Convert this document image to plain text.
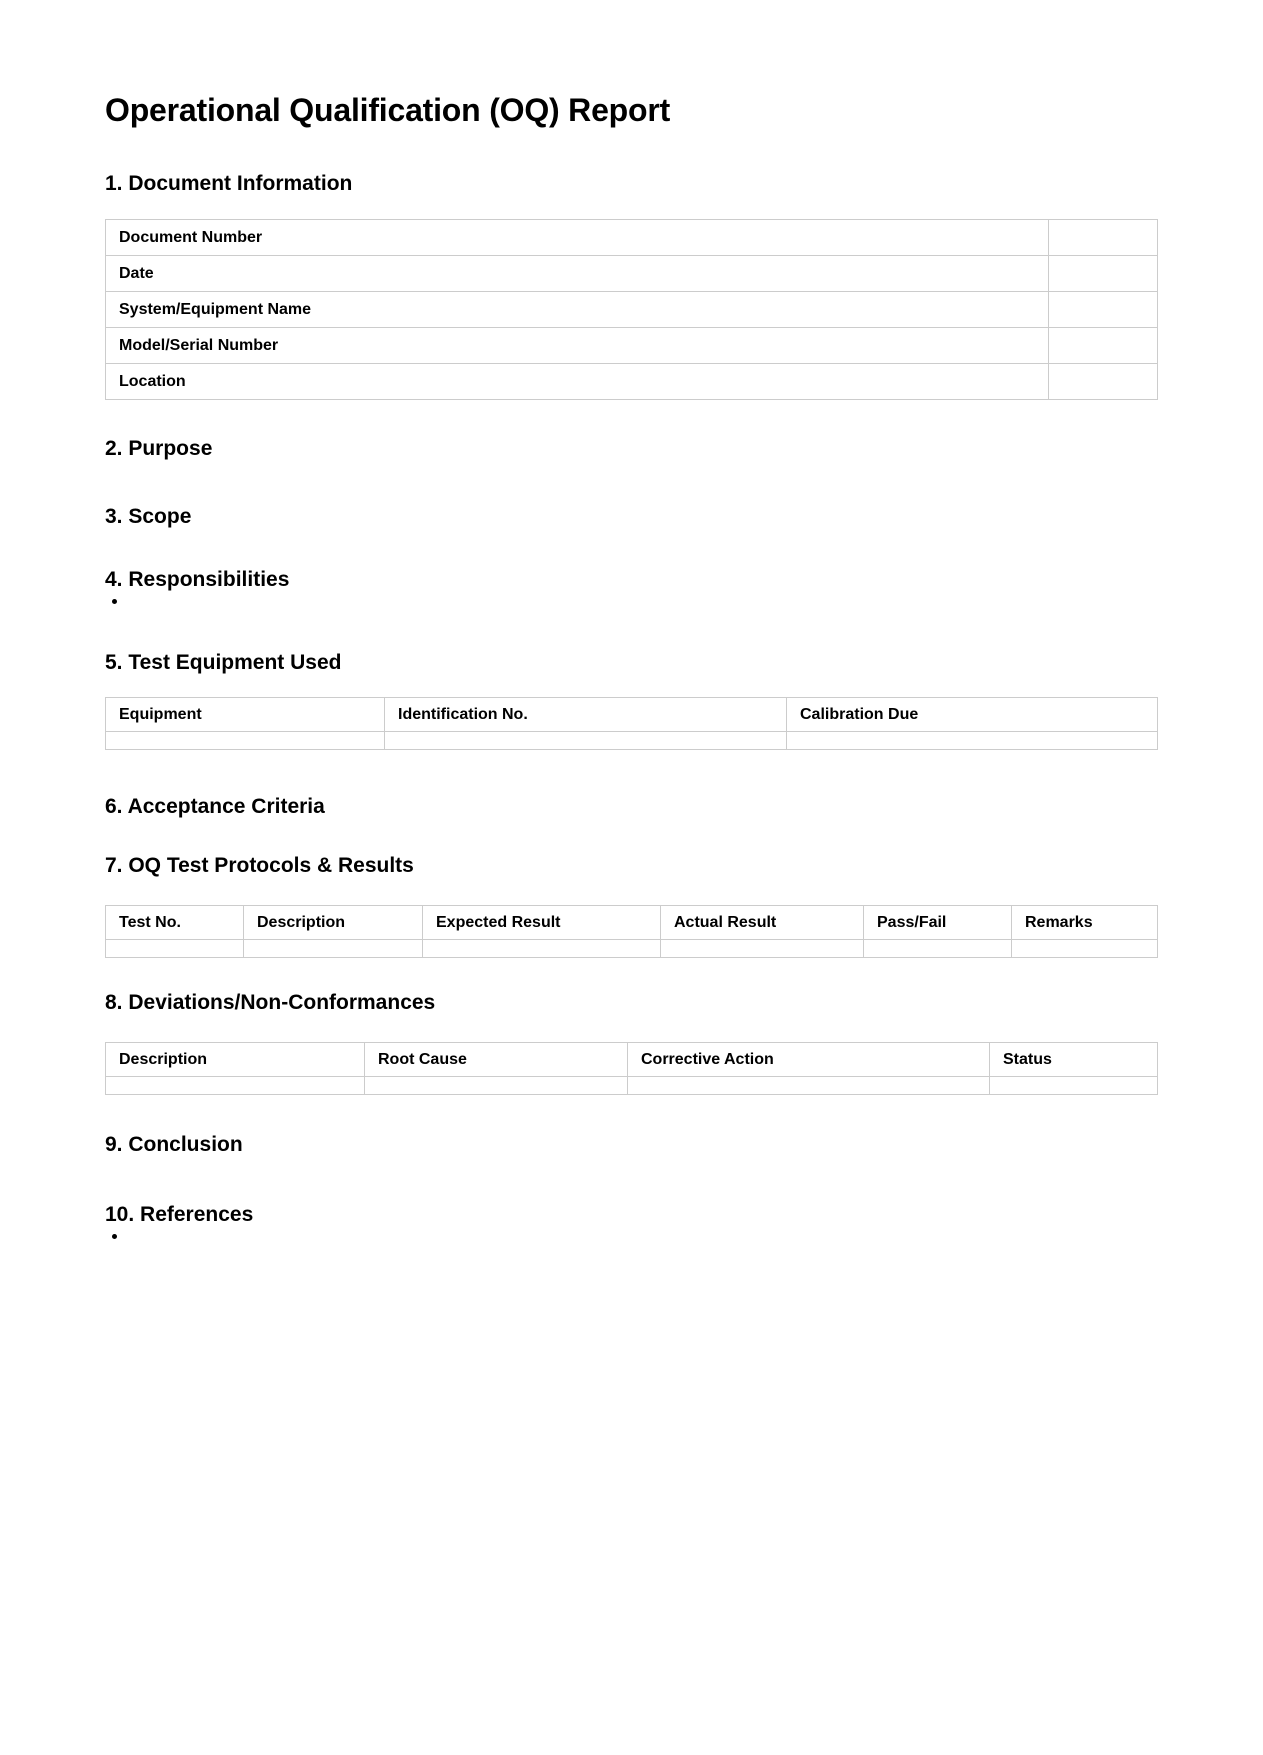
Operational Qualification (OQ) Report
1. Document Information
Document Number	
Date	
System/Equipment Name	
Model/Serial Number	
Location	
2. Purpose
3. Scope
4. Responsibilities
5. Test Equipment Used
Equipment	Identification No.	Calibration Due

6. Acceptance Criteria
7. OQ Test Protocols & Results
Test No.	Description	Expected Result	Actual Result	Pass/Fail	Remarks

8. Deviations/Non-Conformances
Description	Root Cause	Corrective Action	Status

9. Conclusion
10. References
